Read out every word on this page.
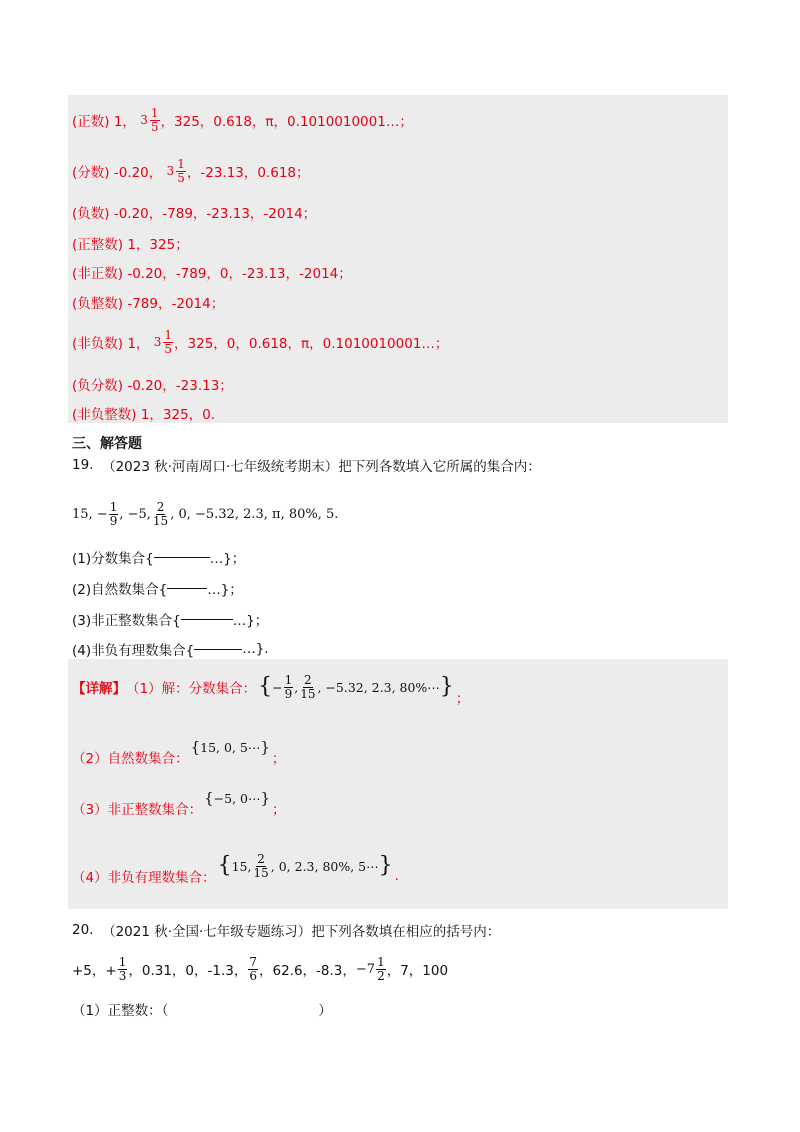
(正数)
1，
$3 \frac{1}{5}$ ，325，0.618，π，0.1010010001…；
(分数)
-0.20，
$3 \frac{1}{5}$ ，-23.13，0.618；
(负数)
-0.20，-789，-23.13，-2014；
(正整数)
1，325；
(非正数)
-0.20，-789，0，-23.13，-2014；
(负整数)
-789，-2014；
(非负数)
1，
$3 \frac{1}{5}$ ，325，0，0.618，π，0.1010010001…；
(负分数)
-0.20，-23.13；
(非负整数)
1，325，0.
三、解答题
19.
（2023 秋·河南周口·七年级统考期末）把下列各数填入它所属的集合内：
15, − $\frac{1}{9}$ , −5, $\frac{2}{15}$ , 0, −5.32, 2.3, π, 80%, 5 .
(1)分数集合{	…}；
(2)自然数集合{	…}；
(3)非正整数集合{	…}；
(4)非负有理数集合{	…}.
【详解】 （1）解：分数集合： { − $\frac{1}{9}$ , $\frac{2}{15}$ , −5.32, 2.3, 80%⋯ } ；
（2）自然数集合：
{ 15, 0, 5⋯ }
；
（3）非正整数集合：
{ −5, 0⋯ }
；
（4）非负有理数集合： { 15, $\frac{2}{15}$ , 0, 2.3, 80%, 5⋯ } .
20.
（2021 秋·全国·七年级专题练习）把下列各数填在相应的括号内：
+5，+ $\frac{1}{3}$ ，0.31，0，-1.3， $\frac{7}{6}$ ，62.6，-8.3， $-7 \frac{1}{2}$ ，7，100
（1）正整数：（	）
